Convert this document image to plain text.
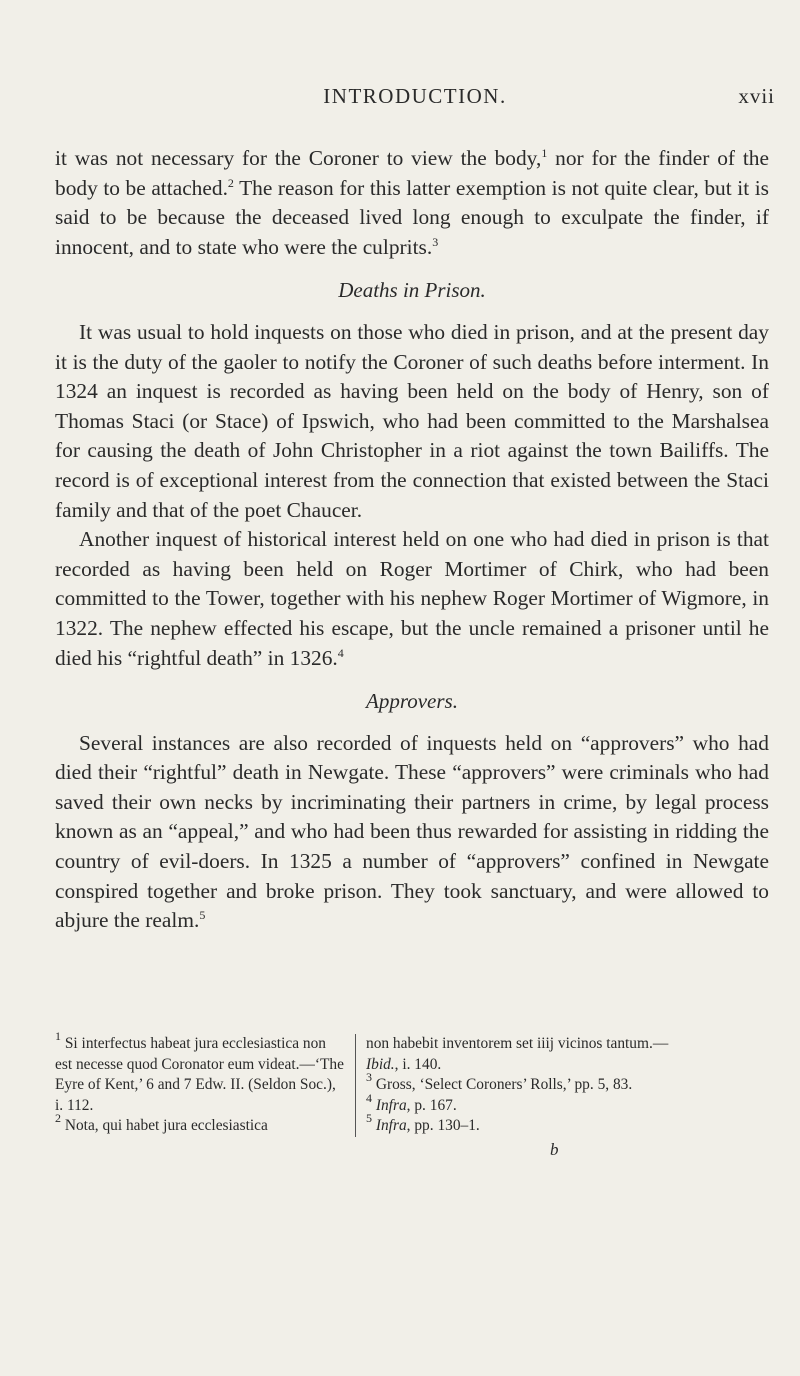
INTRODUCTION.	xvii

it was not necessary for the Coroner to view the body,$^1$ nor for the finder of the body to be attached.$^2$ The reason for this latter exemption is not quite clear, but it is said to be because the deceased lived long enough to exculpate the finder, if innocent, and to state who were the culprits.$^3$

Deaths in Prison.

It was usual to hold inquests on those who died in prison, and at the present day it is the duty of the gaoler to notify the Coroner of such deaths before interment. In 1324 an inquest is recorded as having been held on the body of Henry, son of Thomas Staci (or Stace) of Ipswich, who had been committed to the Marshalsea for causing the death of John Christopher in a riot against the town Bailiffs. The record is of exceptional interest from the connection that existed between the Staci family and that of the poet Chaucer.

Another inquest of historical interest held on one who had died in prison is that recorded as having been held on Roger Mortimer of Chirk, who had been committed to the Tower, together with his nephew Roger Mortimer of Wigmore, in 1322. The nephew effected his escape, but the uncle remained a prisoner until he died his “rightful death” in 1326.$^4$

Approvers.

Several instances are also recorded of inquests held on “approvers” who had died their “rightful” death in Newgate. These “approvers” were criminals who had saved their own necks by incriminating their partners in crime, by legal process known as an “appeal,” and who had been thus rewarded for assisting in ridding the country of evil-doers. In 1325 a number of “approvers” confined in Newgate conspired together and broke prison. They took sanctuary, and were allowed to abjure the realm.$^5$

$^1$ Si interfectus habeat jura ecclesiastica non est necesse quod Coronator eum videat.—‘The Eyre of Kent,’ 6 and 7 Edw. II. (Seldon Soc.), i. 112.

$^2$ Nota, qui habet jura ecclesiastica

non habebit inventorem set iiij vicinos tantum.—Ibid., i. 140.

$^3$ Gross, ‘Select Coroners’ Rolls,’ pp. 5, 83.

$^4$ Infra, p. 167.

$^5$ Infra, pp. 130–1.

b
